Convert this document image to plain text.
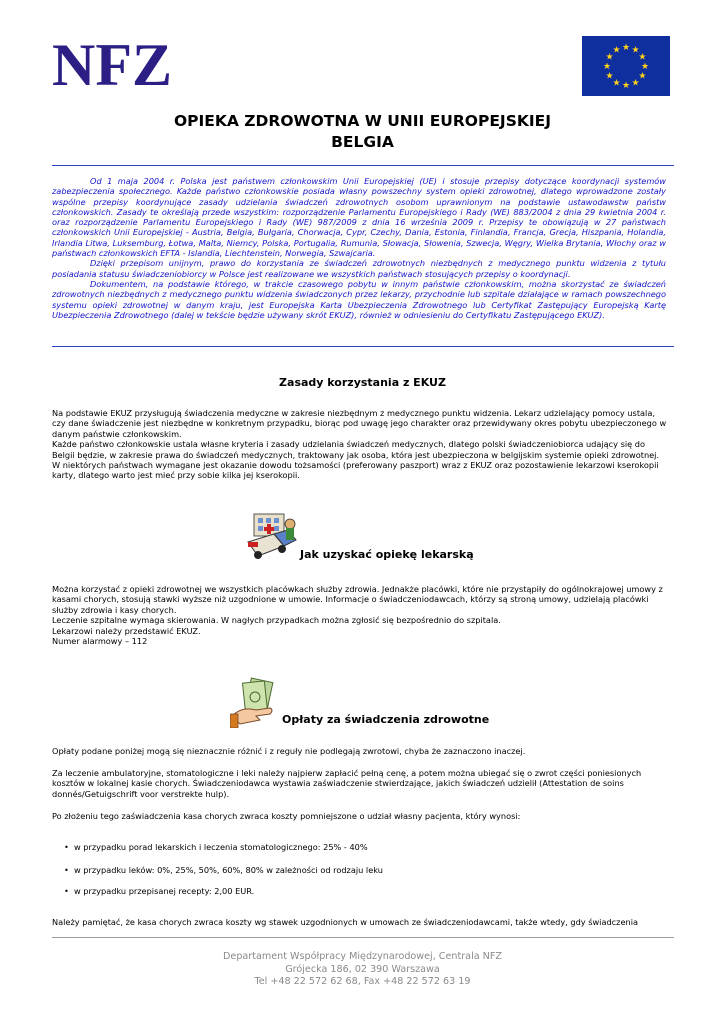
NFZ	★ ★
★
★
★
★
★
★
★
★
★
★
OPIEKA ZDROWOTNA W UNII EUROPEJSKIEJ
BELGIA

Od 1 maja 2004 r. Polska jest państwem członkowskim Unii Europejskiej (UE) i stosuje przepisy dotyczące koordynacji systemów zabezpieczenia społecznego. Każde państwo członkowskie posiada własny powszechny system opieki zdrowotnej, dlatego wprowadzone zostały wspólne przepisy koordynujące zasady udzielania świadczeń zdrowotnych osobom uprawnionym na podstawie ustawodawstw państw członkowskich. Zasady te określają przede wszystkim: rozporządzenie Parlamentu Europejskiego i Rady (WE) 883/2004 z dnia 29 kwietnia 2004 r. oraz rozporządzenie Parlamentu Europejskiego i Rady (WE) 987/2009 z dnia 16 września 2009 r. Przepisy te obowiązują w 27 państwach członkowskich Unii Europejskiej - Austria, Belgia, Bułgaria, Chorwacja, Cypr, Czechy, Dania, Estonia, Finlandia, Francja, Grecja, Hiszpania, Holandia, Irlandia Litwa, Luksemburg, Łotwa, Malta, Niemcy, Polska, Portugalia, Rumunia, Słowacja, Słowenia, Szwecja, Węgry, Wielka Brytania, Włochy oraz w państwach członkowskich EFTA - Islandia, Liechtenstein, Norwegia, Szwajcaria.

Dzięki przepisom unijnym, prawo do korzystania ze świadczeń zdrowotnych niezbędnych z medycznego punktu widzenia z tytułu posiadania statusu świadczeniobiorcy w Polsce jest realizowane we wszystkich państwach stosujących przepisy o koordynacji.

Dokumentem, na podstawie którego, w trakcie czasowego pobytu w innym państwie członkowskim, można skorzystać ze świadczeń zdrowotnych niezbędnych z medycznego punktu widzenia świadczonych przez lekarzy, przychodnie lub szpitale działające w ramach powszechnego systemu opieki zdrowotnej w danym kraju, jest Europejska Karta Ubezpieczenia Zdrowotnego lub Certyfikat Zastępujący Europejską Kartę Ubezpieczenia Zdrowotnego (dalej w tekście będzie używany skrót EKUZ), również w odniesieniu do Certyfikatu Zastępującego EKUZ).

Zasady korzystania z EKUZ

Na podstawie EKUZ przysługują świadczenia medyczne w zakresie niezbędnym z medycznego punktu widzenia. Lekarz udzielający pomocy ustala, czy dane świadczenie jest niezbędne w konkretnym przypadku, biorąc pod uwagę jego charakter oraz przewidywany okres pobytu ubezpieczonego w danym państwie członkowskim.

Każde państwo członkowskie ustala własne kryteria i zasady udzielania świadczeń medycznych, dlatego polski świadczeniobiorca udający się do Belgii będzie, w zakresie prawa do świadczeń medycznych, traktowany jak osoba, która jest ubezpieczona w belgijskim systemie opieki zdrowotnej.

W niektórych państwach wymagane jest okazanie dowodu tożsamości (preferowany paszport) wraz z EKUZ oraz pozostawienie lekarzowi kserokopii karty, dlatego warto jest mieć przy sobie kilka jej kserokopii.

Jak uzyskać opiekę lekarską

Można korzystać z opieki zdrowotnej we wszystkich placówkach służby zdrowia. Jednakże placówki, które nie przystąpiły do ogólnokrajowej umowy z kasami chorych, stosują stawki wyższe niż uzgodnione w umowie. Informacje o świadczeniodawcach, którzy są stroną umowy, udzielają placówki służby zdrowia i kasy chorych.

Leczenie szpitalne wymaga skierowania. W nagłych przypadkach można zgłosić się bezpośrednio do szpitala.

Lekarzowi należy przedstawić EKUZ.

Numer alarmowy – 112

Opłaty za świadczenia zdrowotne
Opłaty podane poniżej mogą się nieznacznie różnić i z reguły nie podlegają zwrotowi, chyba że zaznaczono inaczej.
Za leczenie ambulatoryjne, stomatologiczne i leki należy najpierw zapłacić pełną cenę, a potem można ubiegać się o zwrot części poniesionych kosztów w lokalnej kasie chorych. Świadczeniodawca wystawia zaświadczenie stwierdzające, jakich świadczeń udzielił (Attestation de soins donnés/Getuigschrift voor verstrekte hulp).
Po złożeniu tego zaświadczenia kasa chorych zwraca koszty pomniejszone o udział własny pacjenta, który wynosi:
• w przypadku porad lekarskich i leczenia stomatologicznego: 25% - 40%
• w przypadku leków: 0%, 25%, 50%, 60%, 80% w zależności od rodzaju leku
• w przypadku przepisanej recepty: 2,00 EUR.
Należy pamiętać, że kasa chorych zwraca koszty wg stawek uzgodnionych w umowach ze świadczeniodawcami, także wtedy, gdy świadczenia
Departament Współpracy Międzynarodowej, Centrala NFZ
Grójecka 186, 02 390 Warszawa
Tel +48 22 572 62 68, Fax +48 22 572 63 19
